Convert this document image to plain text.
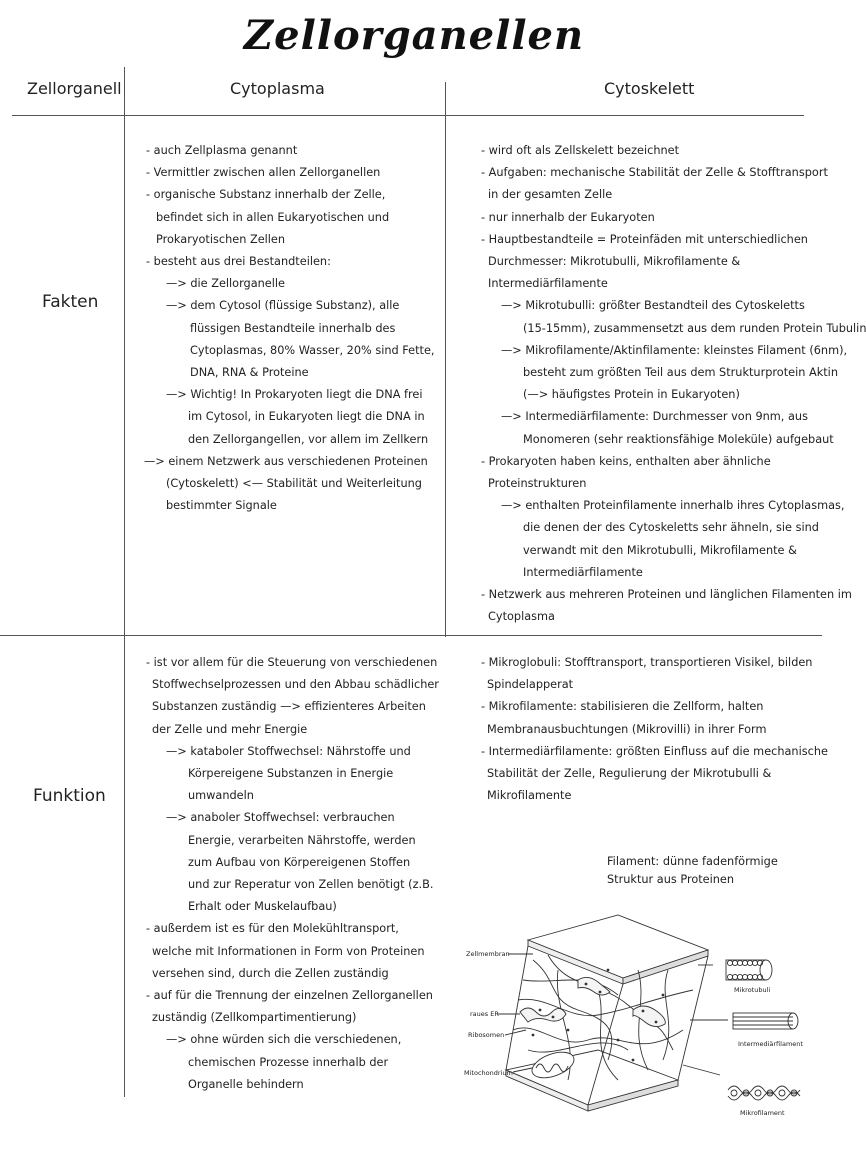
Zellorganellen
Zellorganell	Cytoplasma	Cytoskelett
Fakten
Funktion
- auch Zellplasma genannt
- Vermittler zwischen allen Zellorganellen
- organische Substanz innerhalb der Zelle,
befindet sich in allen Eukaryotischen und
Prokaryotischen Zellen
- besteht aus drei Bestandteilen:
—> die Zellorganelle
—> dem Cytosol (flüssige Substanz), alle
flüssigen Bestandteile innerhalb des
Cytoplasmas, 80% Wasser, 20% sind Fette,
DNA, RNA & Proteine
—> Wichtig! In Prokaryoten liegt die DNA frei
im Cytosol, in Eukaryoten liegt die DNA in
den Zellorgangellen, vor allem im Zellkern
—> einem Netzwerk aus verschiedenen Proteinen
(Cytoskelett) <— Stabilität und Weiterleitung
bestimmter Signale
- wird oft als Zellskelett bezeichnet
- Aufgaben: mechanische Stabilität der Zelle & Stofftransport
in der gesamten Zelle
- nur innerhalb der Eukaryoten
- Hauptbestandteile = Proteinfäden mit unterschiedlichen
Durchmesser: Mikrotubulli, Mikrofilamente &
Intermediärfilamente
—> Mikrotubulli: größter Bestandteil des Cytoskeletts
(15-15mm), zusammensetzt aus dem runden Protein Tubulin
—> Mikrofilamente/Aktinfilamente: kleinstes Filament (6nm),
besteht zum größten Teil aus dem Strukturprotein Aktin
(—> häufigstes Protein in Eukaryoten)
—> Intermediärfilamente: Durchmesser von 9nm, aus
Monomeren (sehr reaktionsfähige Moleküle) aufgebaut
- Prokaryoten haben keins, enthalten aber ähnliche
Proteinstrukturen
—> enthalten Proteinfilamente innerhalb ihres Cytoplasmas,
die denen der des Cytoskeletts sehr ähneln, sie sind
verwandt mit den Mikrotubulli, Mikrofilamente &
Intermediärfilamente
- Netzwerk aus mehreren Proteinen und länglichen Filamenten im
Cytoplasma
- ist vor allem für die Steuerung von verschiedenen
Stoffwechselprozessen und den Abbau schädlicher
Substanzen zuständig —> effizienteres Arbeiten
der Zelle und mehr Energie
—> kataboler Stoffwechsel: Nährstoffe und
Körpereigene Substanzen in Energie
umwandeln
—> anaboler Stoffwechsel: verbrauchen
Energie, verarbeiten Nährstoffe, werden
zum Aufbau von Körpereigenen Stoffen
und zur Reperatur von Zellen benötigt (z.B.
Erhalt oder Muskelaufbau)
- außerdem ist es für den Molekühltransport,
welche mit Informationen in Form von Proteinen
versehen sind, durch die Zellen zuständig
- auf für die Trennung der einzelnen Zellorganellen
zuständig (Zellkompartimentierung)
—> ohne würden sich die verschiedenen,
chemischen Prozesse innerhalb der
Organelle behindern
- Mikroglobuli: Stofftransport, transportieren Visikel, bilden
Spindelapperat
- Mikrofilamente: stabilisieren die Zellform, halten
Membranausbuchtungen (Mikrovilli) in ihrer Form
- Intermediärfilamente: größten Einfluss auf die mechanische
Stabilität der Zelle, Regulierung der Mikrotubulli &
Mikrofilamente
Filament: dünne fadenförmige
Struktur aus Proteinen
Zellmembran
raues ER
Ribosomen
Mitochondrium
Mikrotubuli
Intermediärfilament
Mikrofilament
